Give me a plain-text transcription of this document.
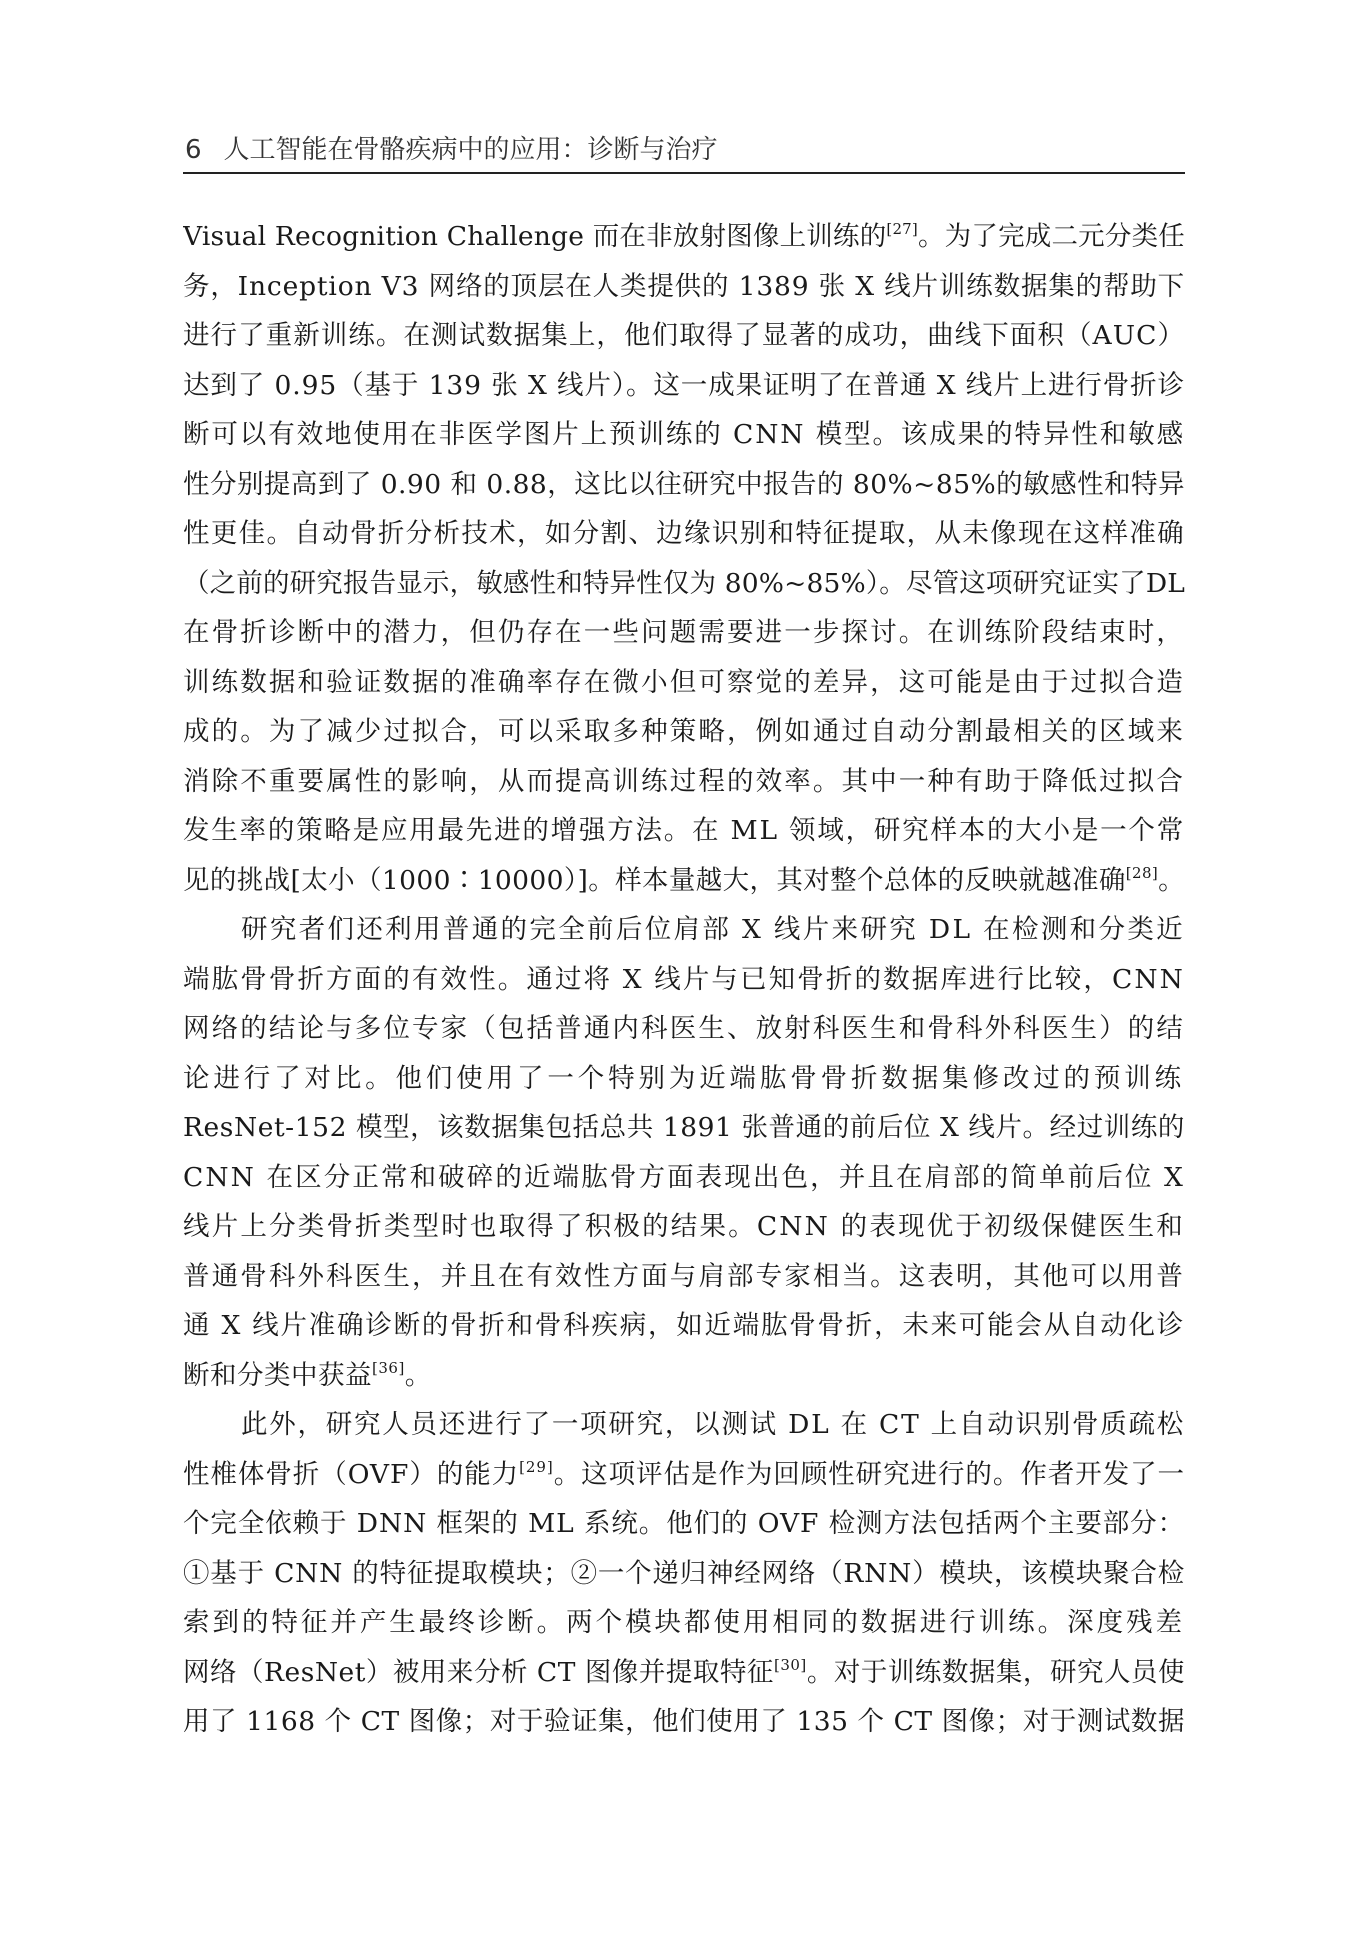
6 人工智能在骨骼疾病中的应用：诊断与治疗
Visual Recognition Challenge 而在非放射图像上训练的[27]。为了完成二元分类任
务，Inception V3 网络的顶层在人类提供的 1389 张 X 线片训练数据集的帮助下
进行了重新训练。在测试数据集上，他们取得了显著的成功，曲线下面积（AUC）
达到了 0.95（基于 139 张 X 线片）。这一成果证明了在普通 X 线片上进行骨折诊
断可以有效地使用在非医学图片上预训练的 CNN 模型。该成果的特异性和敏感
性分别提高到了 0.90 和 0.88，这比以往研究中报告的 80%~85%的敏感性和特异
性更佳。自动骨折分析技术，如分割、边缘识别和特征提取，从未像现在这样准确
（之前的研究报告显示，敏感性和特异性仅为 80%~85%）。尽管这项研究证实了DL
在骨折诊断中的潜力，但仍存在一些问题需要进一步探讨。在训练阶段结束时，
训练数据和验证数据的准确率存在微小但可察觉的差异，这可能是由于过拟合造
成的。为了减少过拟合，可以采取多种策略，例如通过自动分割最相关的区域来
消除不重要属性的影响，从而提高训练过程的效率。其中一种有助于降低过拟合
发生率的策略是应用最先进的增强方法。在 ML 领域，研究样本的大小是一个常
见的挑战[太小（1000∶10000）]。样本量越大，其对整个总体的反映就越准确[28]。
研究者们还利用普通的完全前后位肩部 X 线片来研究 DL 在检测和分类近
端肱骨骨折方面的有效性。通过将 X 线片与已知骨折的数据库进行比较，CNN
网络的结论与多位专家（包括普通内科医生、放射科医生和骨科外科医生）的结
论进行了对比。他们使用了一个特别为近端肱骨骨折数据集修改过的预训练
ResNet-152 模型，该数据集包括总共 1891 张普通的前后位 X 线片。经过训练的
CNN 在区分正常和破碎的近端肱骨方面表现出色，并且在肩部的简单前后位 X
线片上分类骨折类型时也取得了积极的结果。CNN 的表现优于初级保健医生和
普通骨科外科医生，并且在有效性方面与肩部专家相当。这表明，其他可以用普
通 X 线片准确诊断的骨折和骨科疾病，如近端肱骨骨折，未来可能会从自动化诊
断和分类中获益[36]。
此外，研究人员还进行了一项研究，以测试 DL 在 CT 上自动识别骨质疏松
性椎体骨折（OVF）的能力[29]。这项评估是作为回顾性研究进行的。作者开发了一
个完全依赖于 DNN 框架的 ML 系统。他们的 OVF 检测方法包括两个主要部分：
①基于 CNN 的特征提取模块；②一个递归神经网络（RNN）模块，该模块聚合检
索到的特征并产生最终诊断。两个模块都使用相同的数据进行训练。深度残差
网络（ResNet）被用来分析 CT 图像并提取特征[30]。对于训练数据集，研究人员使
用了 1168 个 CT 图像；对于验证集，他们使用了 135 个 CT 图像；对于测试数据
